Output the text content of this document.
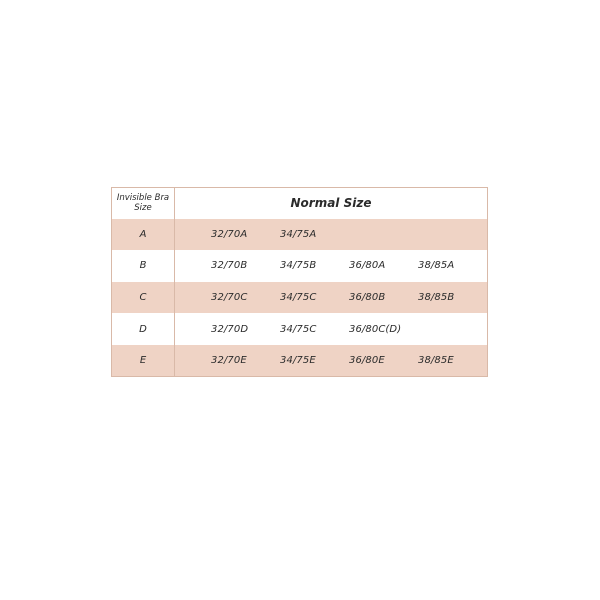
Invisible Bra Size	Normal Size
A	32/70A 34/75A

B	32/70B 34/75B 36/80A 38/85A

C	32/70C 34/75C 36/80B 38/85B

D	32/70D 34/75C 36/80C(D)

E	32/70E 34/75E 36/80E 38/85E
